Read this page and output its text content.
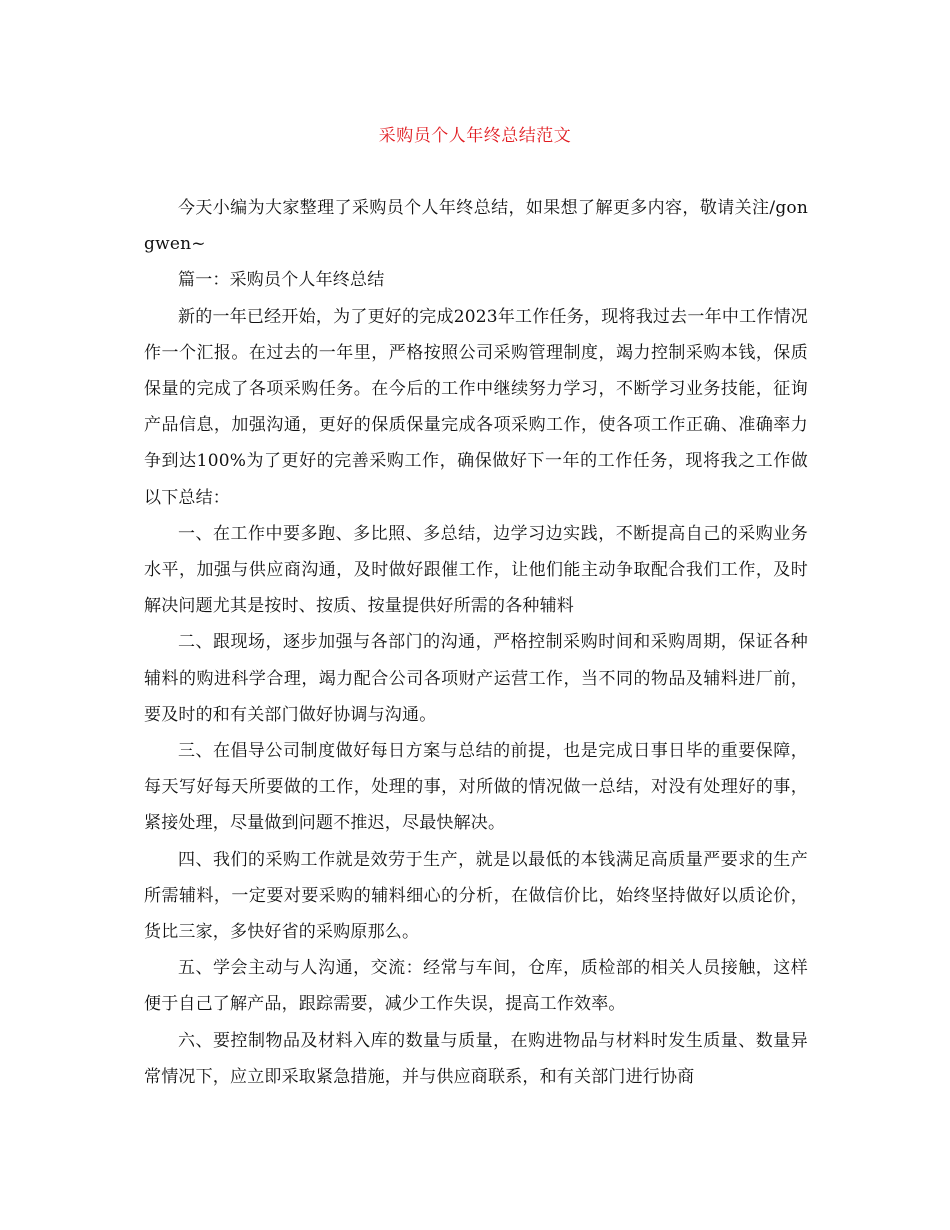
采购员个人年终总结范文

今天小编为大家整理了采购员个人年终总结，如果想了解更多内容，敬请关注/gongwen~

篇一：采购员个人年终总结

新的一年已经开始，为了更好的完成2023年工作任务，现将我过去一年中工作情况作一个汇报。在过去的一年里，严格按照公司采购管理制度，竭力控制采购本钱，保质保量的完成了各项采购任务。在今后的工作中继续努力学习，不断学习业务技能，征询产品信息，加强沟通，更好的保质保量完成各项采购工作，使各项工作正确、准确率力争到达100%为了更好的完善采购工作，确保做好下一年的工作任务，现将我之工作做以下总结：

一、在工作中要多跑、多比照、多总结，边学习边实践，不断提高自己的采购业务水平，加强与供应商沟通，及时做好跟催工作，让他们能主动争取配合我们工作，及时解决问题尤其是按时、按质、按量提供好所需的各种辅料

二、跟现场，逐步加强与各部门的沟通，严格控制采购时间和采购周期，保证各种辅料的购进科学合理，竭力配合公司各项财产运营工作，当不同的物品及辅料进厂前，要及时的和有关部门做好协调与沟通。

三、在倡导公司制度做好每日方案与总结的前提，也是完成日事日毕的重要保障，每天写好每天所要做的工作，处理的事，对所做的情况做一总结，对没有处理好的事，紧接处理，尽量做到问题不推迟，尽最快解决。

四、我们的采购工作就是效劳于生产，就是以最低的本钱满足高质量严要求的生产所需辅料，一定要对要采购的辅料细心的分析，在做信价比，始终坚持做好以质论价，货比三家，多快好省的采购原那么。

五、学会主动与人沟通，交流：经常与车间，仓库，质检部的相关人员接触，这样便于自己了解产品，跟踪需要，减少工作失误，提高工作效率。

六、要控制物品及材料入库的数量与质量，在购进物品与材料时发生质量、数量异常情况下，应立即采取紧急措施，并与供应商联系，和有关部门进行协商
